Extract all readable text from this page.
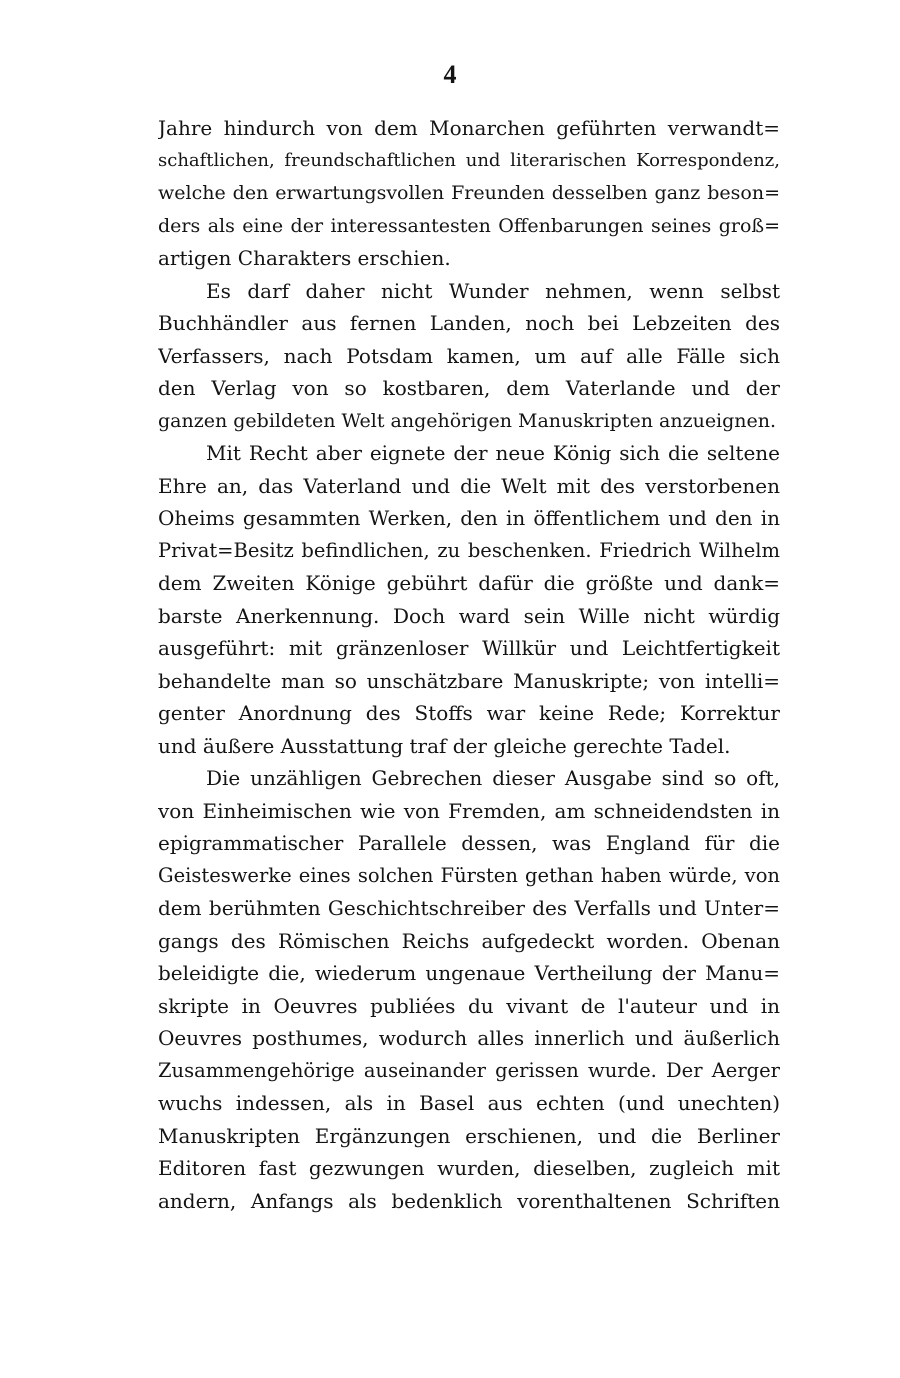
4
Jahre hindurch von dem Monarchen geführten verwandt=
schaftlichen, freundschaftlichen und literarischen Korrespondenz,
welche den erwartungsvollen Freunden desselben ganz beson=
ders als eine der interessantesten Offenbarungen seines groß=
artigen Charakters erschien.
Es darf daher nicht Wunder nehmen, wenn selbst
Buchhändler aus fernen Landen, noch bei Lebzeiten des
Verfassers, nach Potsdam kamen, um auf alle Fälle sich
den Verlag von so kostbaren, dem Vaterlande und der
ganzen gebildeten Welt angehörigen Manuskripten anzueignen.
Mit Recht aber eignete der neue König sich die seltene
Ehre an, das Vaterland und die Welt mit des verstorbenen
Oheims gesammten Werken, den in öffentlichem und den in
Privat=Besitz befindlichen, zu beschenken. Friedrich Wilhelm
dem Zweiten Könige gebührt dafür die größte und dank=
barste Anerkennung. Doch ward sein Wille nicht würdig
ausgeführt: mit gränzenloser Willkür und Leichtfertigkeit
behandelte man so unschätzbare Manuskripte; von intelli=
genter Anordnung des Stoffs war keine Rede; Korrektur
und äußere Ausstattung traf der gleiche gerechte Tadel.
Die unzähligen Gebrechen dieser Ausgabe sind so oft,
von Einheimischen wie von Fremden, am schneidendsten in
epigrammatischer Parallele dessen, was England für die
Geisteswerke eines solchen Fürsten gethan haben würde, von
dem berühmten Geschichtschreiber des Verfalls und Unter=
gangs des Römischen Reichs aufgedeckt worden. Obenan
beleidigte die, wiederum ungenaue Vertheilung der Manu=
skripte in Oeuvres publiées du vivant de l'auteur und in
Oeuvres posthumes, wodurch alles innerlich und äußerlich
Zusammengehörige auseinander gerissen wurde. Der Aerger
wuchs indessen, als in Basel aus echten (und unechten)
Manuskripten Ergänzungen erschienen, und die Berliner
Editoren fast gezwungen wurden, dieselben, zugleich mit
andern, Anfangs als bedenklich vorenthaltenen Schriften
